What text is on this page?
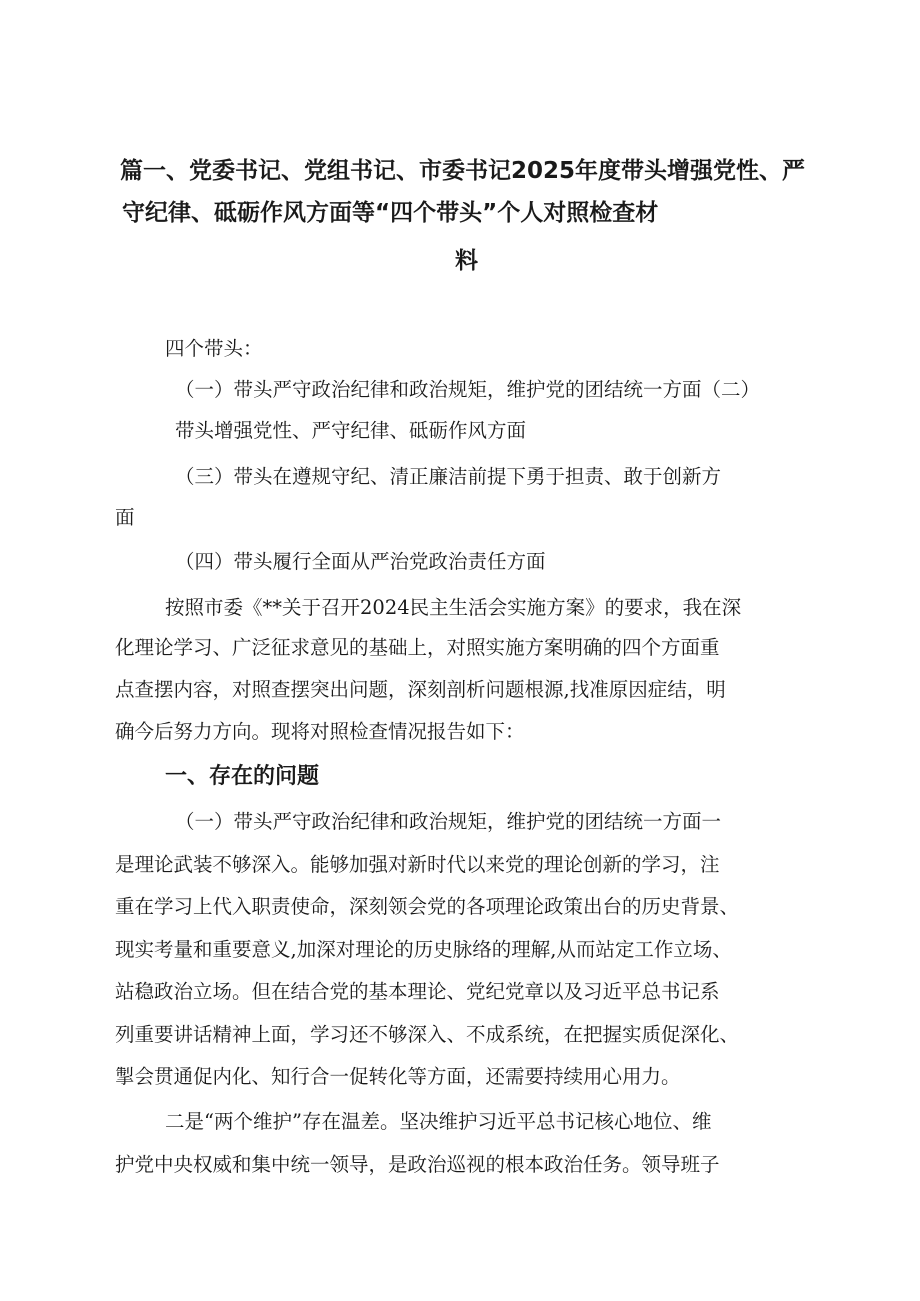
篇一、党委书记、党组书记、市委书记2025年度带头增强党性、严
守纪律、砥砺作风方面等“四个带头”个人对照检查材
料
四个带头：
（一）带头严守政治纪律和政治规矩，维护党的团结统一方面（二）
带头增强党性、严守纪律、砥砺作风方面
（三）带头在遵规守纪、清正廉洁前提下勇于担责、敢于创新方
面
（四）带头履行全面从严治党政治责任方面
按照市委《**关于召开2024民主生活会实施方案》的要求，我在深
化理论学习、广泛征求意见的基础上，对照实施方案明确的四个方面重
点查摆内容，对照查摆突出问题，深刻剖析问题根源,找准原因症结，明
确今后努力方向。现将对照检查情况报告如下：
一、存在的问题
（一）带头严守政治纪律和政治规矩，维护党的团结统一方面一
是理论武装不够深入。能够加强对新时代以来党的理论创新的学习，注
重在学习上代入职责使命，深刻领会党的各项理论政策出台的历史背景、
现实考量和重要意义,加深对理论的历史脉络的理解,从而站定工作立场、
站稳政治立场。但在结合党的基本理论、党纪党章以及习近平总书记系
列重要讲话精神上面，学习还不够深入、不成系统，在把握实质促深化、
掣会贯通促内化、知行合一促转化等方面，还需要持续用心用力。
二是“两个维护”存在温差。坚决维护习近平总书记核心地位、维
护党中央权威和集中统一领导，是政治巡视的根本政治任务。领导班子
